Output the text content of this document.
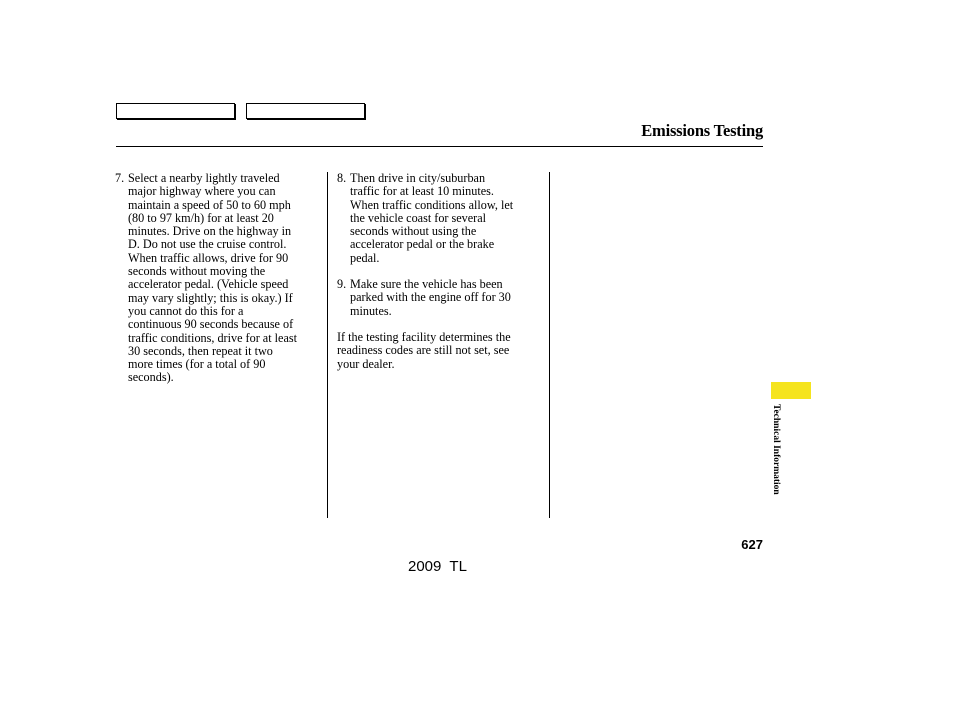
Emissions Testing
7. Select a nearby lightly traveled
major highway where you can
maintain a speed of 50 to 60 mph
(80 to 97 km/h) for at least 20
minutes. Drive on the highway in
D. Do not use the cruise control.
When traffic allows, drive for 90
seconds without moving the
accelerator pedal. (Vehicle speed
may vary slightly; this is okay.) If
you cannot do this for a
continuous 90 seconds because of
traffic conditions, drive for at least
30 seconds, then repeat it two
more times (for a total of 90
seconds).
8. Then drive in city/suburban
traffic for at least 10 minutes.
When traffic conditions allow, let
the vehicle coast for several
seconds without using the
accelerator pedal or the brake
pedal.
9. Make sure the vehicle has been
parked with the engine off for 30
minutes.
If the testing facility determines the
readiness codes are still not set, see
your dealer.
Technical Information
627
2009  TL
